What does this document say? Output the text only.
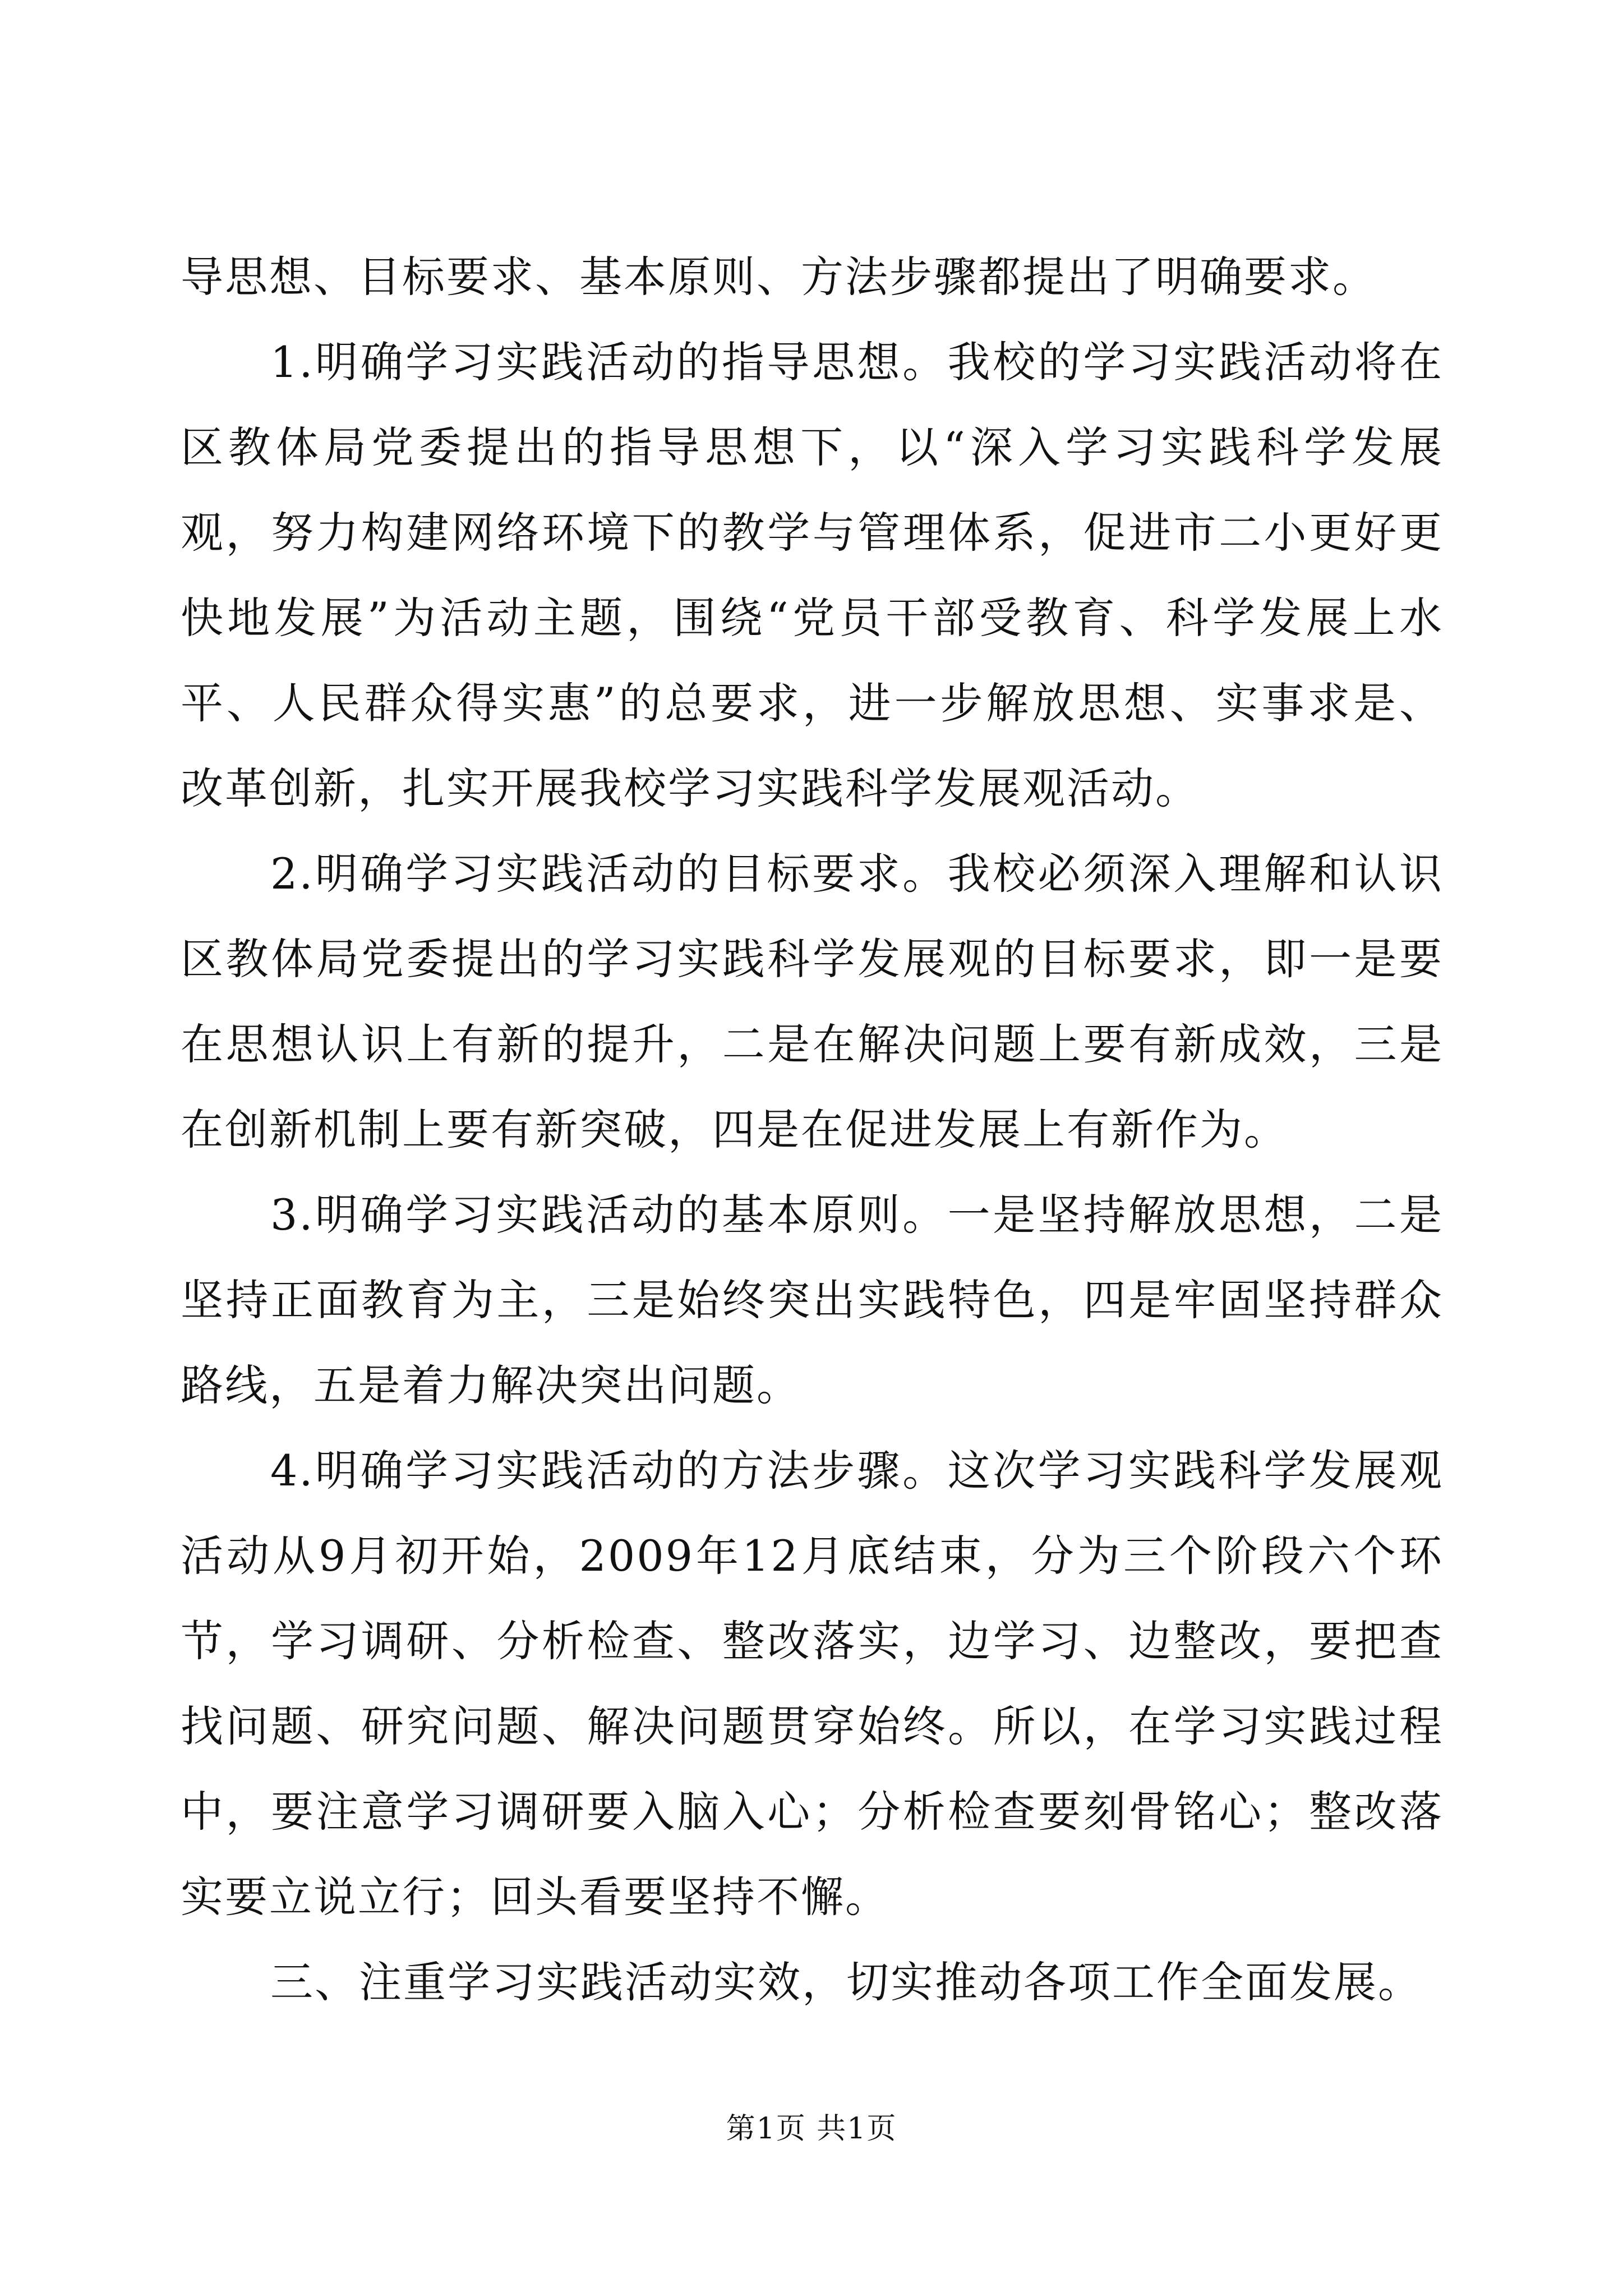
导思想、目标要求、基本原则、方法步骤都提出了明确要求。

1.明确学习实践活动的指导思想。我校的学习实践活动将在区教体局党委提出的指导思想下，以“深入学习实践科学发展观，努力构建网络环境下的教学与管理体系，促进市二小更好更快地发展”为活动主题，围绕“党员干部受教育、科学发展上水平、人民群众得实惠”的总要求，进一步解放思想、实事求是、改革创新，扎实开展我校学习实践科学发展观活动。

2.明确学习实践活动的目标要求。我校必须深入理解和认识区教体局党委提出的学习实践科学发展观的目标要求，即一是要在思想认识上有新的提升，二是在解决问题上要有新成效，三是在创新机制上要有新突破，四是在促进发展上有新作为。

3.明确学习实践活动的基本原则。一是坚持解放思想，二是坚持正面教育为主，三是始终突出实践特色，四是牢固坚持群众路线，五是着力解决突出问题。

4.明确学习实践活动的方法步骤。这次学习实践科学发展观活动从9月初开始，2009年12月底结束，分为三个阶段六个环节，学习调研、分析检查、整改落实，边学习、边整改，要把查找问题、研究问题、解决问题贯穿始终。所以，在学习实践过程中，要注意学习调研要入脑入心；分析检查要刻骨铭心；整改落实要立说立行；回头看要坚持不懈。

三、注重学习实践活动实效，切实推动各项工作全面发展。

第1页 共1页
